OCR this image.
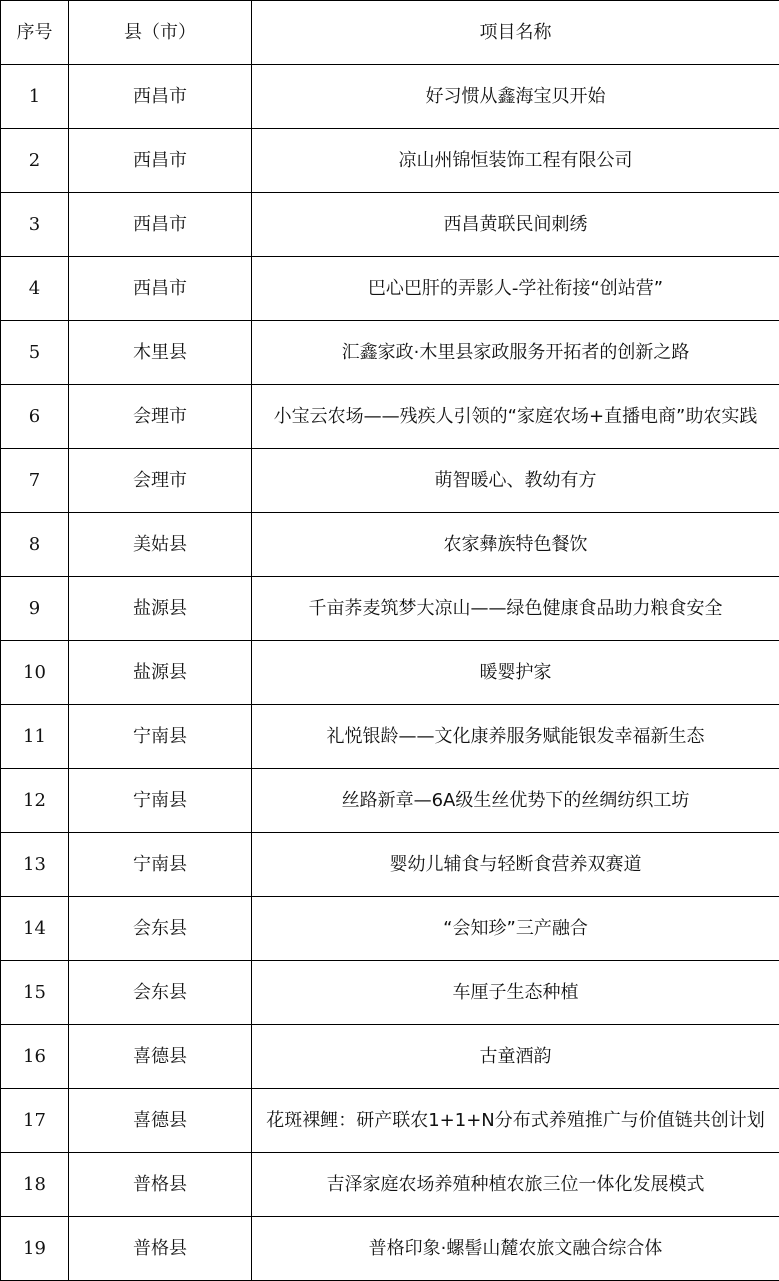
序号	县（市）	项目名称
1	西昌市	好习惯从鑫海宝贝开始
2	西昌市	凉山州锦恒装饰工程有限公司
3	西昌市	西昌黄联民间刺绣
4	西昌市	巴心巴肝的弄影人-学社衔接“创站营”
5	木里县	汇鑫家政·木里县家政服务开拓者的创新之路
6	会理市	小宝云农场——残疾人引领的“家庭农场+直播电商”助农实践
7	会理市	萌智暖心、教幼有方
8	美姑县	农家彝族特色餐饮
9	盐源县	千亩荞麦筑梦大凉山——绿色健康食品助力粮食安全
10	盐源县	暖婴护家
11	宁南县	礼悦银龄——文化康养服务赋能银发幸福新生态
12	宁南县	丝路新章—6A级生丝优势下的丝绸纺织工坊
13	宁南县	婴幼儿辅食与轻断食营养双赛道
14	会东县	“会知珍”三产融合
15	会东县	车厘子生态种植
16	喜德县	古童酒韵
17	喜德县	花斑裸鲤：研产联农1+1+N分布式养殖推广与价值链共创计划
18	普格县	吉泽家庭农场养殖种植农旅三位一体化发展模式
19	普格县	普格印象·螺髻山麓农旅文融合综合体
